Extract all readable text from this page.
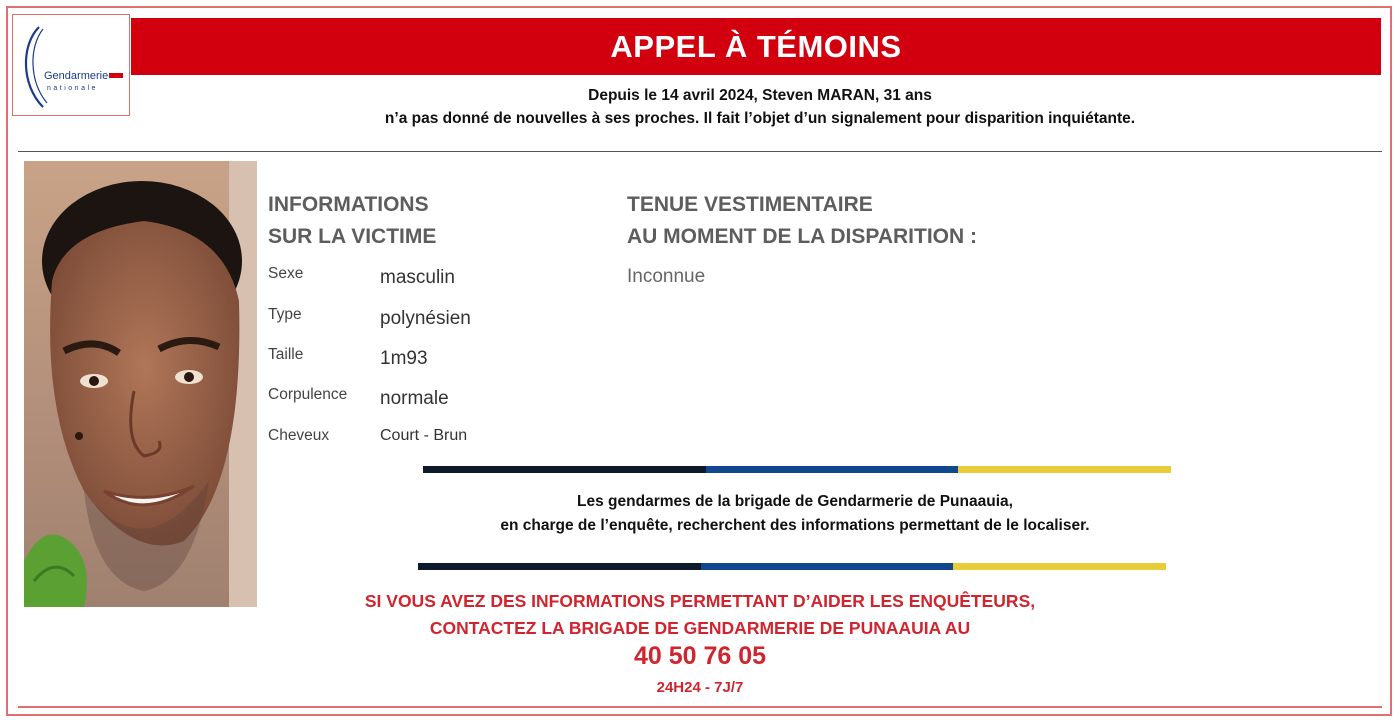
Gendarmerie
nationale
APPEL À TÉMOINS
Depuis le 14 avril 2024, Steven MARAN, 31 ans
n’a pas donné de nouvelles à ses proches. Il fait l’objet d’un signalement pour disparition inquiétante.
INFORMATIONS
SUR LA VICTIME
Sexe	masculin
Type	polynésien
Taille	1m93
Corpulence normale
Cheveux	Court - Brun
TENUE VESTIMENTAIRE
AU MOMENT DE LA DISPARITION :
Inconnue
Les gendarmes de la brigade de Gendarmerie de Punaauia,
en charge de l’enquête, recherchent des informations permettant de le localiser.
SI VOUS AVEZ DES INFORMATIONS PERMETTANT D’AIDER LES ENQUÊTEURS,
CONTACTEZ LA BRIGADE DE GENDARMERIE DE PUNAAUIA AU
40 50 76 05
24H24 - 7J/7
